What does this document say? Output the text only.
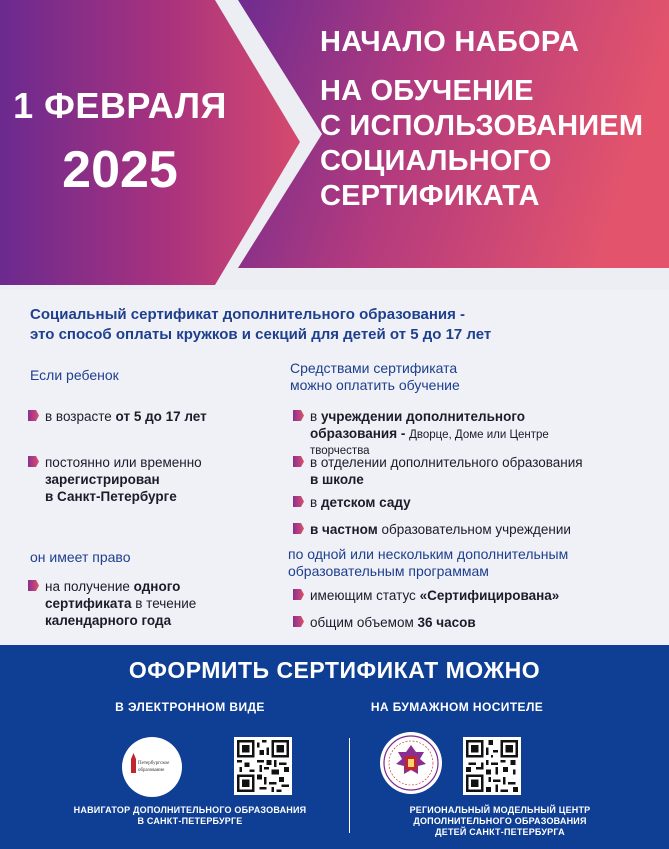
1 ФЕВРАЛЯ
2025
НАЧАЛО НАБОРА
НА ОБУЧЕНИЕ
С ИСПОЛЬЗОВАНИЕМ
СОЦИАЛЬНОГО
СЕРТИФИКАТА
Социальный сертификат дополнительного образования -
это способ оплаты кружков и секций для детей от 5 до 17 лет
Если ребенок
в возрасте от 5 до 17 лет
постоянно или временно
зарегистрирован
в Санкт-Петербурге
он имеет право
на получение одного
сертификата в течение
календарного года
Средствами сертификата
можно оплатить обучение
в учреждении дополнительного
образования - Дворце, Доме или Центре
творчества
в отделении дополнительного образования
в школе
в детском саду
в частном образовательном учреждении
по одной или нескольким дополнительным
образовательным программам
имеющим статус «Сертифицирована»
общим объемом 36 часов
ОФОРМИТЬ СЕРТИФИКАТ МОЖНО
В ЭЛЕКТРОННОМ ВИДЕ	НА БУМАЖНОМ НОСИТЕЛЕ
Петербургское
образование
НАВИГАТОР ДОПОЛНИТЕЛЬНОГО ОБРАЗОВАНИЯ
В САНКТ-ПЕТЕРБУРГЕ
РЕГИОНАЛЬНЫЙ МОДЕЛЬНЫЙ ЦЕНТР
ДОПОЛНИТЕЛЬНОГО ОБРАЗОВАНИЯ
ДЕТЕЙ САНКТ-ПЕТЕРБУРГА
